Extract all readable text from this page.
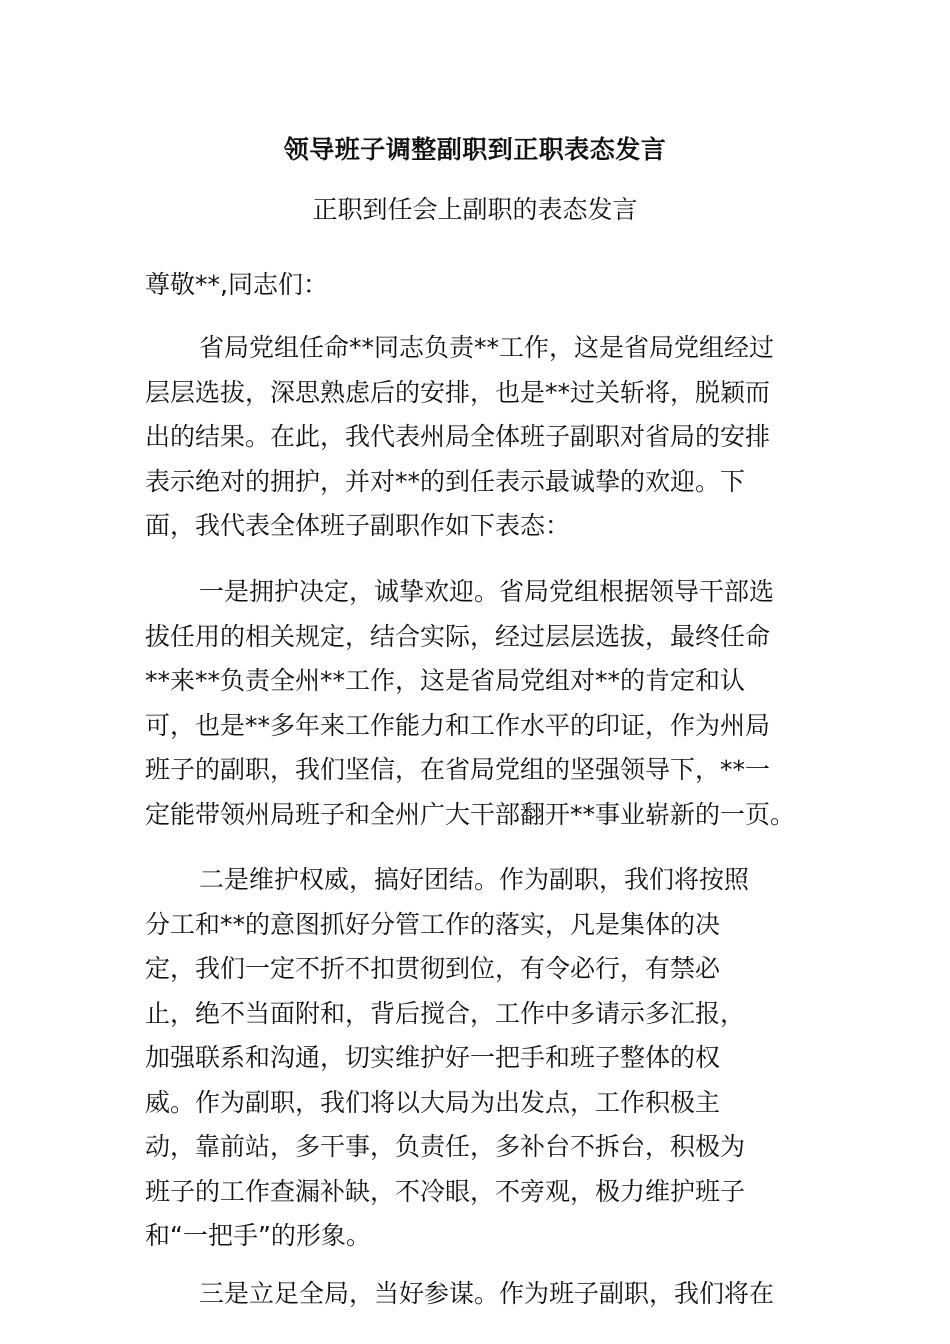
领导班子调整副职到正职表态发言
正职到任会上副职的表态发言
尊敬**,同志们：
省局党组任命**同志负责**工作，这是省局党组经过
层层选拔，深思熟虑后的安排，也是**过关斩将，脱颖而
出的结果。在此，我代表州局全体班子副职对省局的安排
表示绝对的拥护，并对**的到任表示最诚挚的欢迎。下
面，我代表全体班子副职作如下表态：
一是拥护决定，诚挚欢迎。省局党组根据领导干部选
拔任用的相关规定，结合实际，经过层层选拔，最终任命
**来**负责全州**工作，这是省局党组对**的肯定和认
可，也是**多年来工作能力和工作水平的印证，作为州局
班子的副职，我们坚信，在省局党组的坚强领导下，**一
定能带领州局班子和全州广大干部翻开**事业崭新的一页。
二是维护权威，搞好团结。作为副职，我们将按照
分工和**的意图抓好分管工作的落实，凡是集体的决
定，我们一定不折不扣贯彻到位，有令必行，有禁必
止，绝不当面附和，背后搅合，工作中多请示多汇报，
加强联系和沟通，切实维护好一把手和班子整体的权
威。作为副职，我们将以大局为出发点，工作积极主
动，靠前站，多干事，负责任，多补台不拆台，积极为
班子的工作查漏补缺，不冷眼，不旁观，极力维护班子
和“一把手”的形象。
三是立足全局，当好参谋。作为班子副职，我们将在
